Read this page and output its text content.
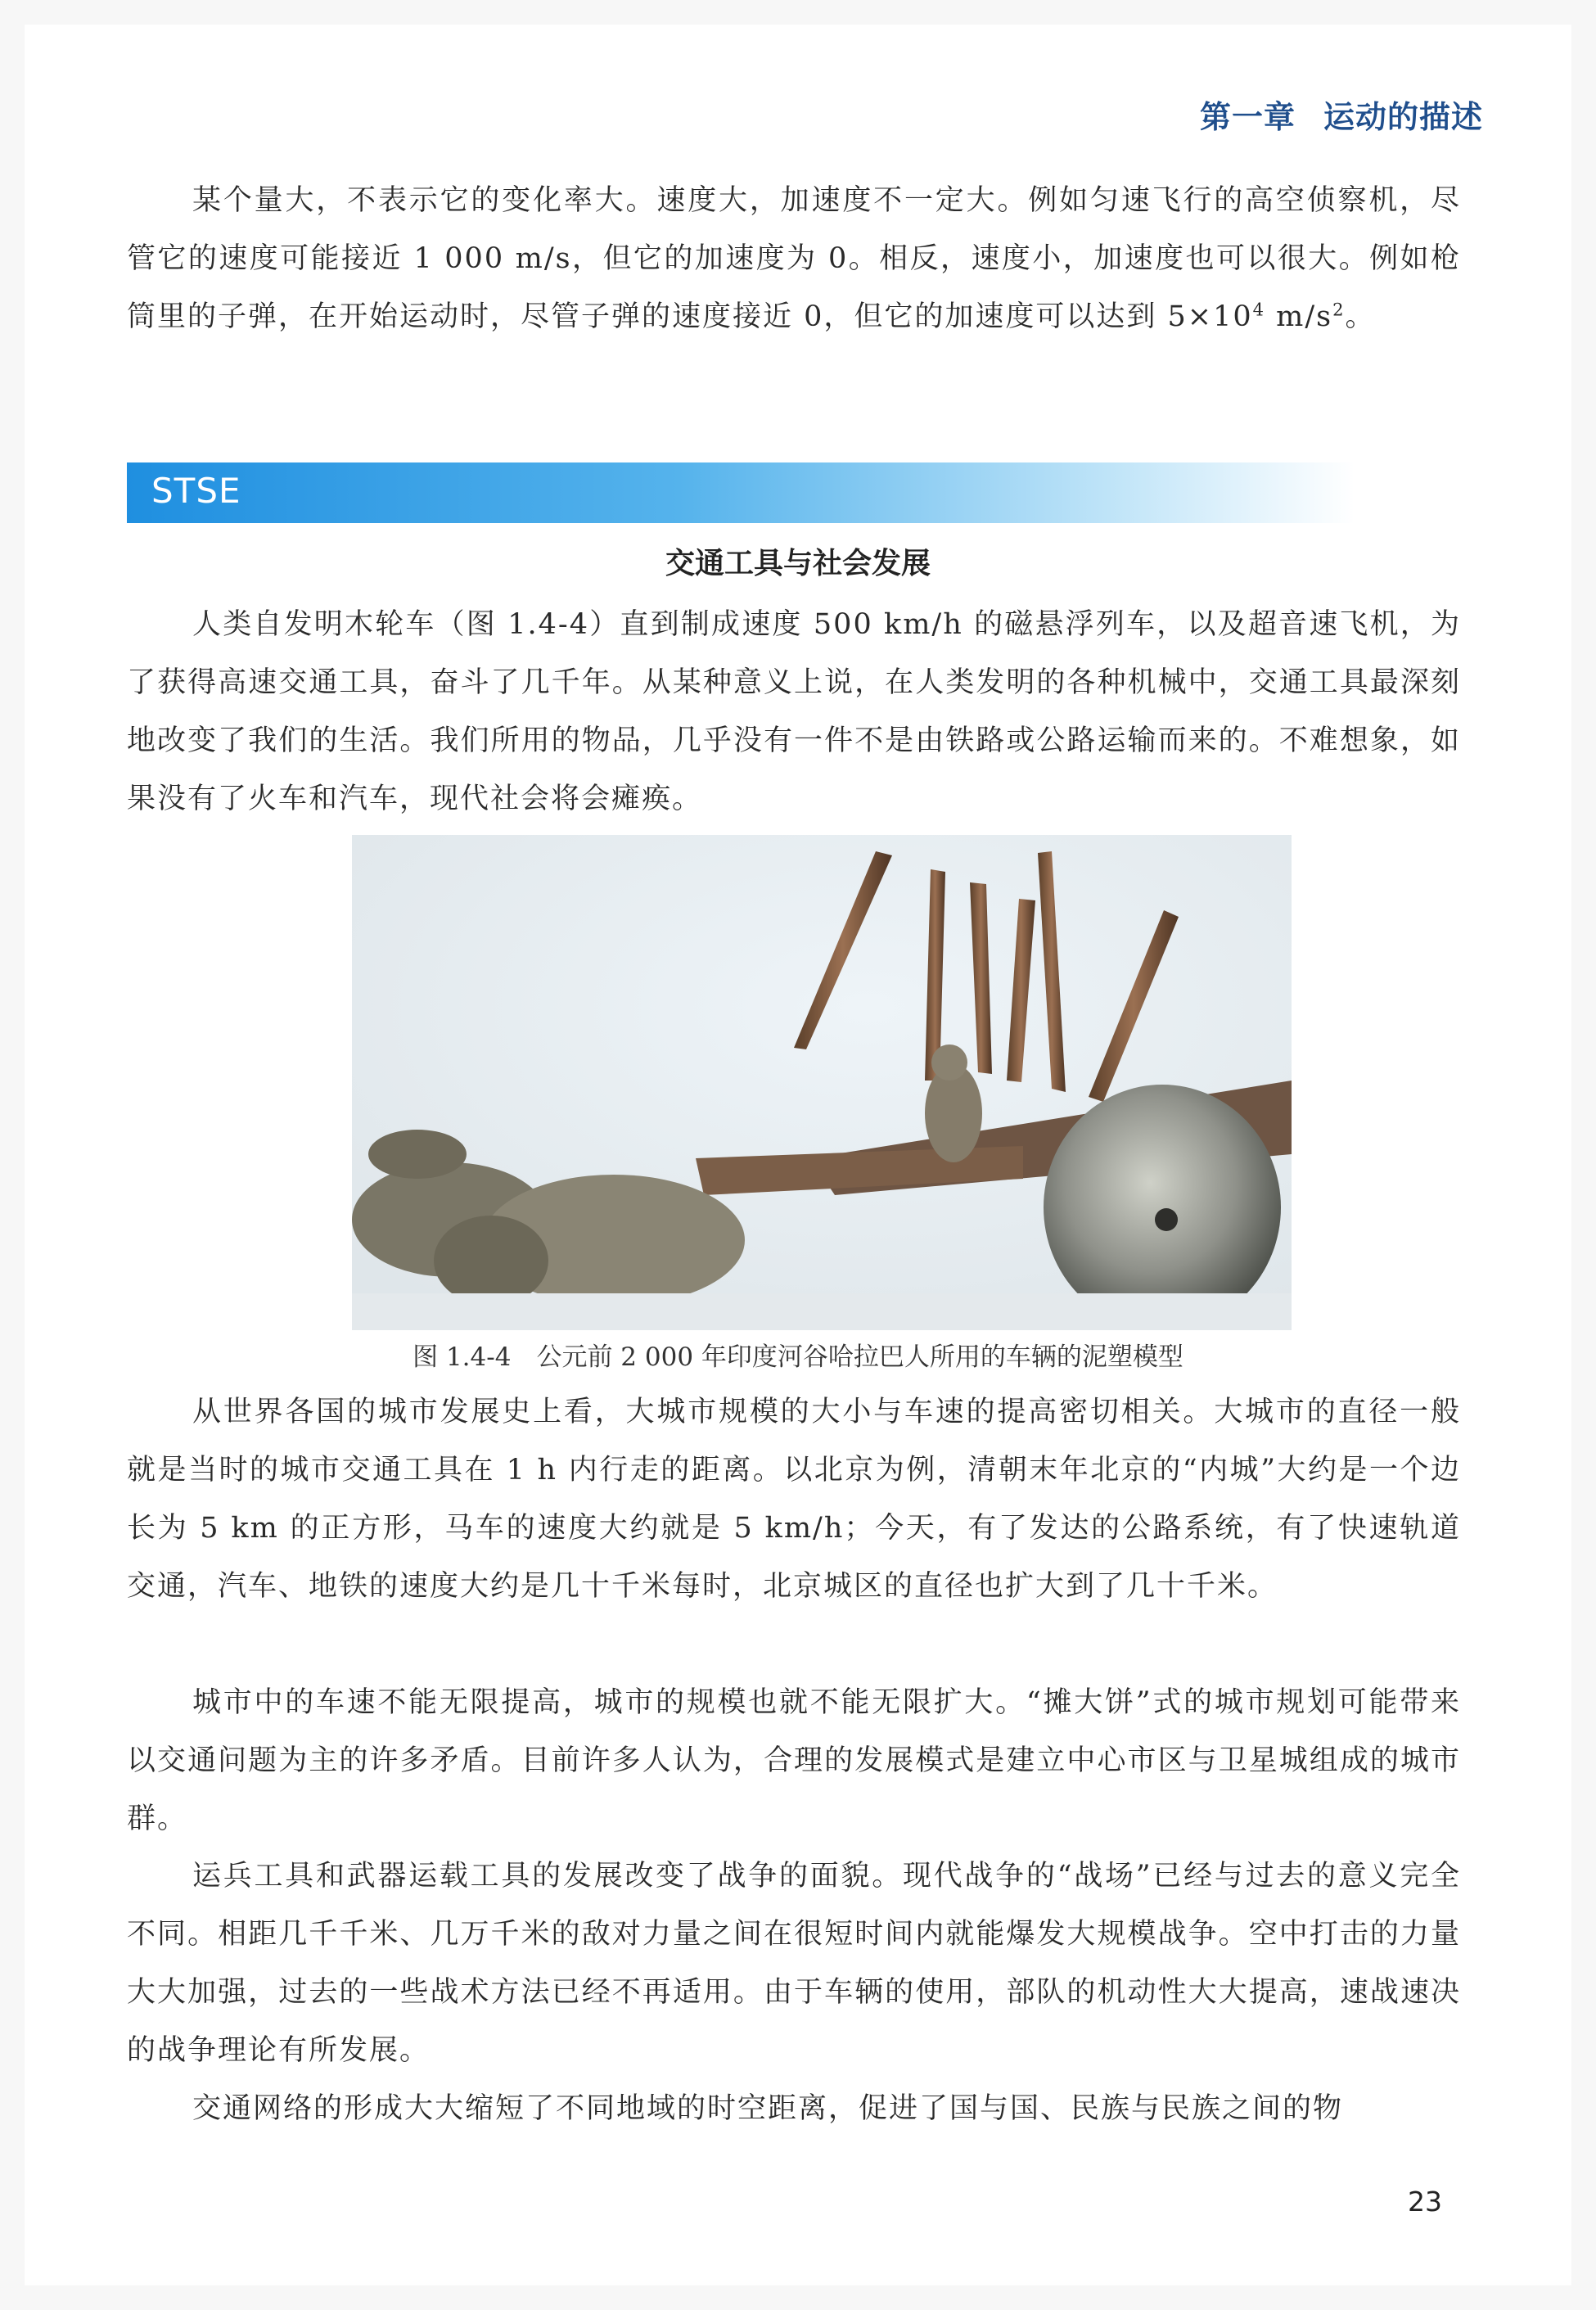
第一章 运动的描述

某个量大，不表示它的变化率大。速度大，加速度不一定大。例如匀速飞行的高空侦察机，尽管它的速度可能接近 1 000 m/s，但它的加速度为 0。相反，速度小，加速度也可以很大。例如枪筒里的子弹，在开始运动时，尽管子弹的速度接近 0，但它的加速度可以达到 $5\times 10^4$ $m/s^2$。

STSE
交通工具与社会发展

人类自发明木轮车（图 1.4-4）直到制成速度 500 km/h 的磁悬浮列车，以及超音速飞机，为了获得高速交通工具，奋斗了几千年。从某种意义上说，在人类发明的各种机械中，交通工具最深刻地改变了我们的生活。我们所用的物品，几乎没有一件不是由铁路或公路运输而来的。不难想象，如果没有了火车和汽车，现代社会将会瘫痪。

图 1.4-4　公元前 2 000 年印度河谷哈拉巴人所用的车辆的泥塑模型

从世界各国的城市发展史上看，大城市规模的大小与车速的提高密切相关。大城市的直径一般就是当时的城市交通工具在 1 h 内行走的距离。以北京为例，清朝末年北京的“内城”大约是一个边长为 5 km 的正方形，马车的速度大约就是 5 km/h；今天，有了发达的公路系统，有了快速轨道交通，汽车、地铁的速度大约是几十千米每时，北京城区的直径也扩大到了几十千米。

城市中的车速不能无限提高，城市的规模也就不能无限扩大。“摊大饼”式的城市规划可能带来以交通问题为主的许多矛盾。目前许多人认为，合理的发展模式是建立中心市区与卫星城组成的城市群。

运兵工具和武器运载工具的发展改变了战争的面貌。现代战争的“战场”已经与过去的意义完全不同。相距几千千米、几万千米的敌对力量之间在很短时间内就能爆发大规模战争。空中打击的力量大大加强，过去的一些战术方法已经不再适用。由于车辆的使用，部队的机动性大大提高，速战速决的战争理论有所发展。

交通网络的形成大大缩短了不同地域的时空距离，促进了国与国、民族与民族之间的物

23
